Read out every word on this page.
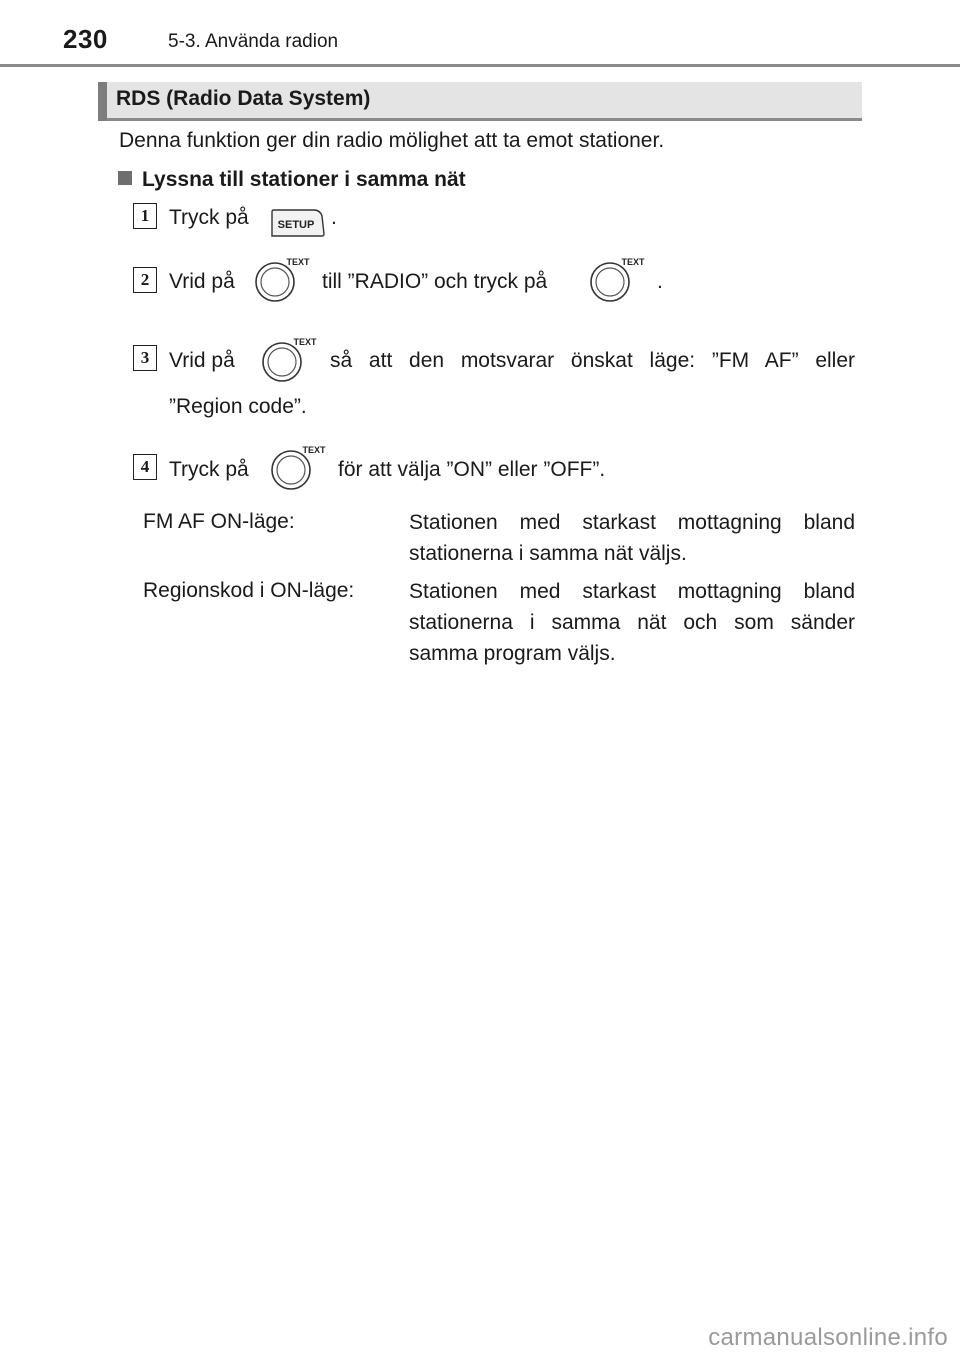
230	5-3. Använda radion
RDS (Radio Data System)
Denna funktion ger din radio mölighet att ta emot stationer.
Lyssna till stationer i samma nät
1 Tryck på	SETUP .
2 Vrid på
TEXT
till ”RADIO” och tryck på
TEXT
.
3 Vrid på
TEXT
så att den motsvarar önskat läge: ”FM AF” eller
”Region code”.
4 Tryck på
TEXT
för att välja ”ON” eller ”OFF”.
FM AF ON-läge:	Stationen med starkast mottagning bland
stationerna i samma nät väljs.
Regionskod i ON-läge:	Stationen med starkast mottagning bland
stationerna i samma nät och som sänder
samma program väljs.
carmanualsonline.info
